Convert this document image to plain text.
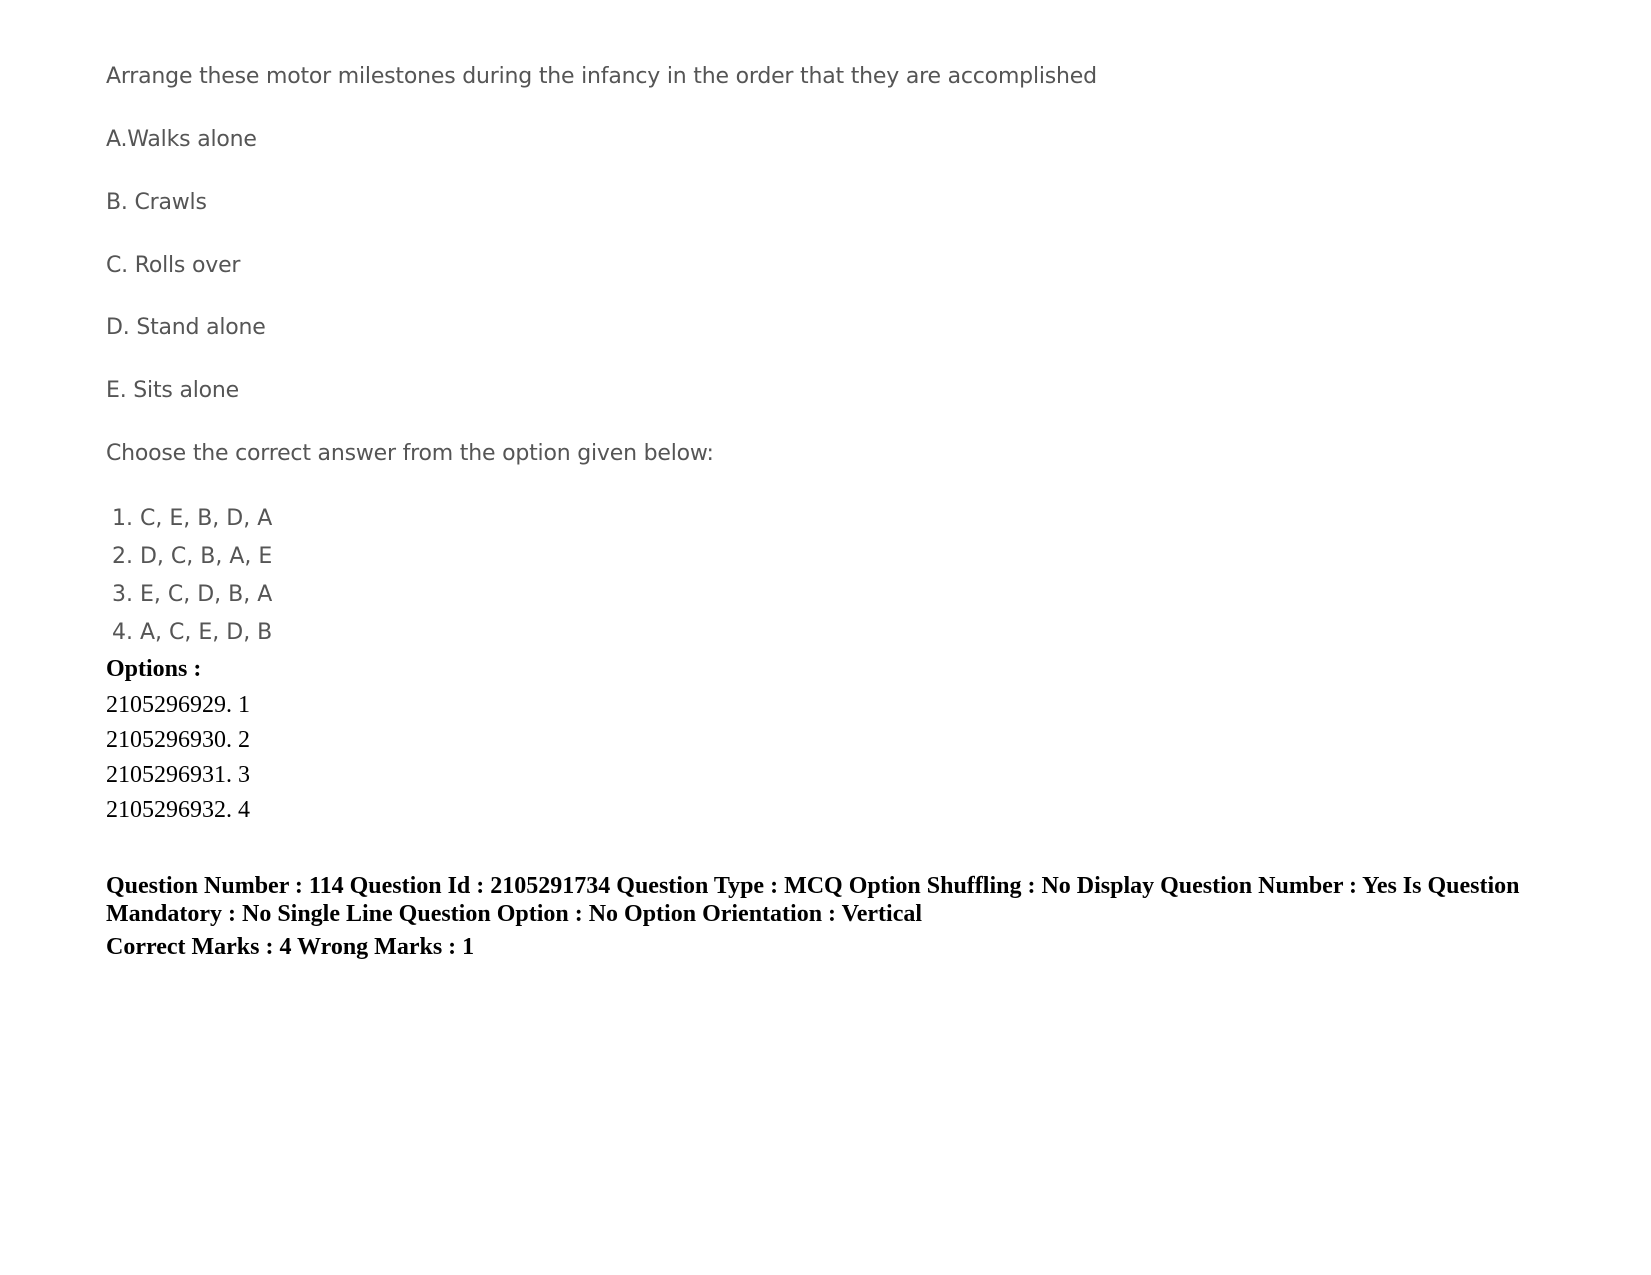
Arrange these motor milestones during the infancy in the order that they are accomplished

A.Walks alone

B. Crawls

C. Rolls over

D. Stand alone

E. Sits alone

Choose the correct answer from the option given below:

1. C, E, B, D, A
2. D, C, B, A, E
3. E, C, D, B, A
4. A, C, E, D, B

Options :

2105296929. 1
2105296930. 2
2105296931. 3
2105296932. 4

Question Number : 114 Question Id : 2105291734 Question Type : MCQ Option Shuffling : No Display Question Number : Yes Is Question Mandatory : No Single Line Question Option : No Option Orientation : Vertical

Correct Marks : 4 Wrong Marks : 1
